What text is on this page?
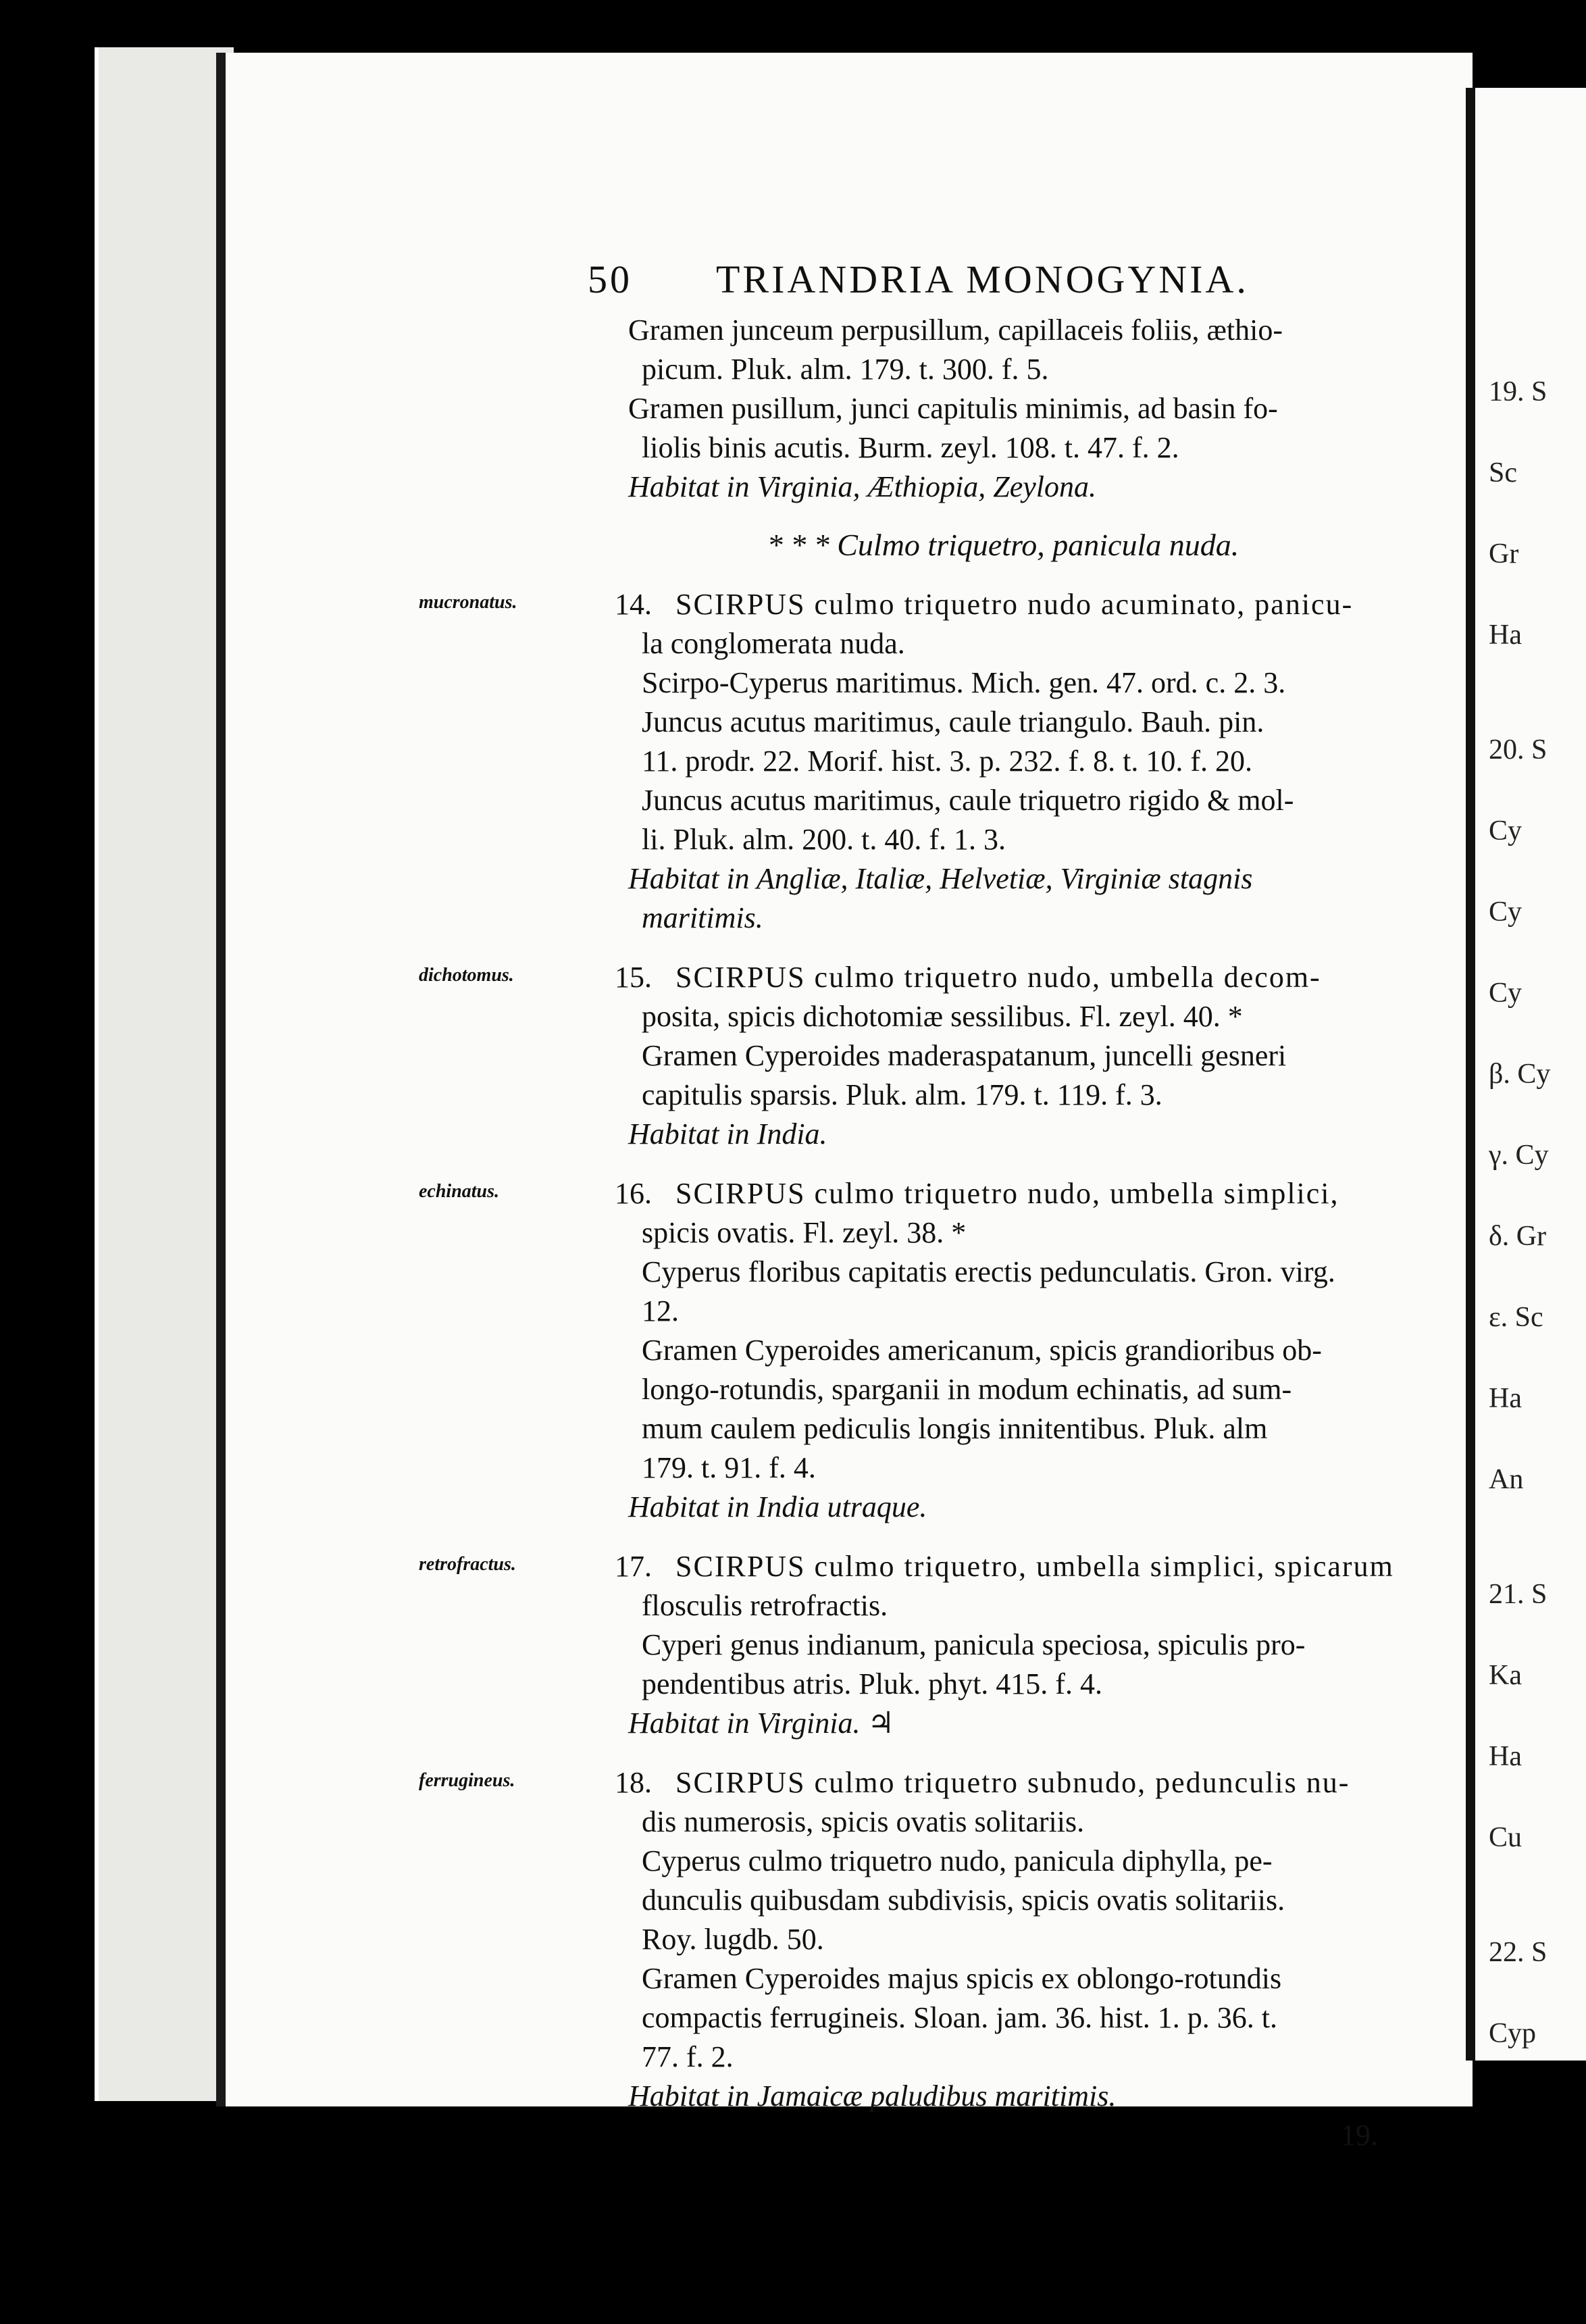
19. S
Sc
Gr
Ha
20. S
Cy
Cy
Cy
β. Cy
γ. Cy
δ. Gr
ε. Sc
Ha
An
21. S
Ka
Ha
Cu
22. S
Cyp
50 TRIANDRIA MONOGYNIA.
Gramen junceum perpusillum, capillaceis foliis, æthio-
picum. Pluk. alm. 179. t. 300. f. 5.
Gramen pusillum, junci capitulis minimis, ad basin fo-
liolis binis acutis. Burm. zeyl. 108. t. 47. f. 2.
Habitat in Virginia, Æthiopia, Zeylona.
* * * Culmo triquetro, panicula nuda.
mucronatus.	14. SCIRPUS culmo triquetro nudo acuminato, panicu-
la conglomerata nuda.
Scirpo-Cyperus maritimus. Mich. gen. 47. ord. c. 2. 3.
Juncus acutus maritimus, caule triangulo. Bauh. pin.
11. prodr. 22. Morif. hist. 3. p. 232. f. 8. t. 10. f. 20.
Juncus acutus maritimus, caule triquetro rigido & mol-
li. Pluk. alm. 200. t. 40. f. 1. 3.
Habitat in Angliæ, Italiæ, Helvetiæ, Virginiæ stagnis
maritimis.
dichotomus.	15. SCIRPUS culmo triquetro nudo, umbella decom-
posita, spicis dichotomiæ sessilibus. Fl. zeyl. 40. *
Gramen Cyperoides maderaspatanum, juncelli gesneri
capitulis sparsis. Pluk. alm. 179. t. 119. f. 3.
Habitat in India.
echinatus.	16. SCIRPUS culmo triquetro nudo, umbella simplici,
spicis ovatis. Fl. zeyl. 38. *
Cyperus floribus capitatis erectis pedunculatis. Gron. virg.
12.
Gramen Cyperoides americanum, spicis grandioribus ob-
longo-rotundis, sparganii in modum echinatis, ad sum-
mum caulem pediculis longis innitentibus. Pluk. alm
179. t. 91. f. 4.
Habitat in India utraque.
retrofractus.	17. SCIRPUS culmo triquetro, umbella simplici, spicarum
flosculis retrofractis.
Cyperi genus indianum, panicula speciosa, spiculis pro-
pendentibus atris. Pluk. phyt. 415. f. 4.
Habitat in Virginia. ♃
ferrugineus.	18. SCIRPUS culmo triquetro subnudo, pedunculis nu-
dis numerosis, spicis ovatis solitariis.
Cyperus culmo triquetro nudo, panicula diphylla, pe-
dunculis quibusdam subdivisis, spicis ovatis solitariis.
Roy. lugdb. 50.
Gramen Cyperoides majus spicis ex oblongo-rotundis
compactis ferrugineis. Sloan. jam. 36. hist. 1. p. 36. t.
77. f. 2.
Habitat in Jamaicæ paludibus maritimis.
19.
